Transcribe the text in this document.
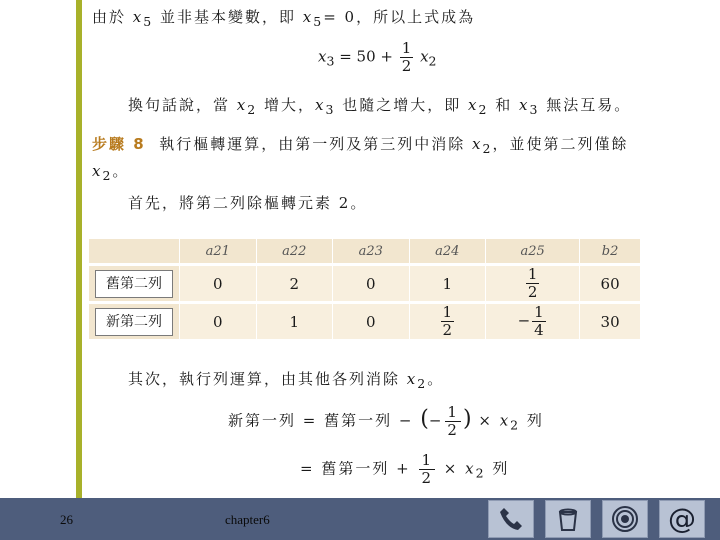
由於 $x_5$ 並非基本變數，即 $x_5= 0$，所以上式成為
$x_3 = 50 + \frac{1}{2} x_2$
換句話說，當 $x_2$ 增大，$x_3$ 也隨之增大，即 $x_2$ 和 $x_3$ 無法互易。
步驟 8 執行樞轉運算，由第一列及第三列中消除 $x_2$，並使第二列僅餘
$x_2$。
首先，將第二列除樞轉元素 2。
	a21	a22	a23	a24	a25	b2
舊第二列	0	2	0	1	$\frac{1}{2}$	60
新第二列	0	1	0	$\frac{1}{2}$	− $\frac{1}{4}$	30
其次，執行列運算，由其他各列消除 $x_2$。
新第一列 = 舊第一列 − (− $\frac{1}{2}$ ) × $x_2$ 列
= 舊第一列 + $\frac{1}{2} \times x_2$ 列
26	chapter6	@
